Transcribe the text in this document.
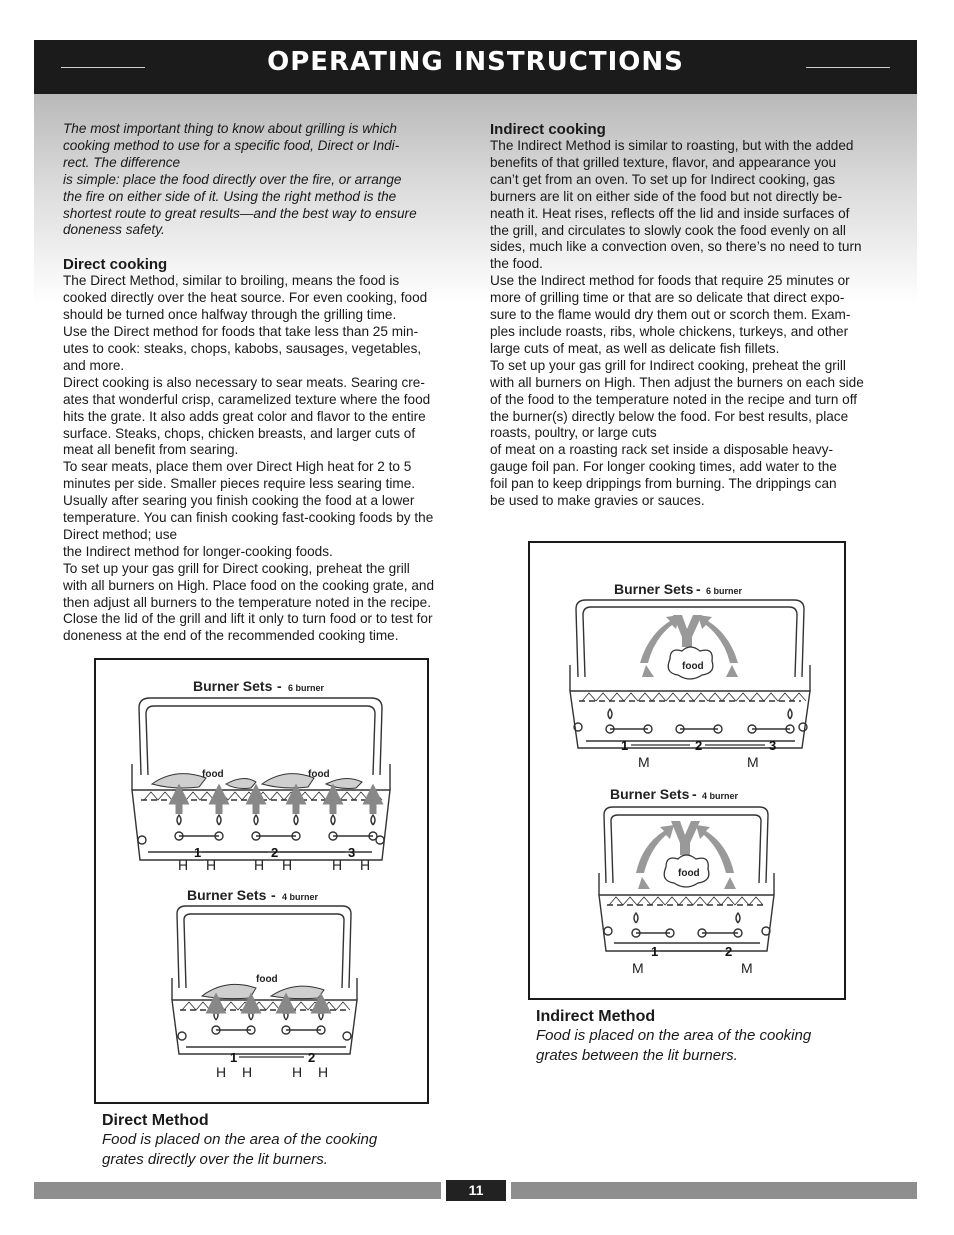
OPERATING INSTRUCTIONS

The most important thing to know about grilling is which

cooking method to use for a specific food, Direct or Indi-

rect. The difference

is simple: place the food directly over the fire, or arrange

the fire on either side of it. Using the right method is the

shortest route to great results—and the best way to ensure

doneness safety.

Direct cooking

The Direct Method, similar to broiling, means the food is

cooked directly over the heat source. For even cooking, food

should be turned once halfway through the grilling time.

Use the Direct method for foods that take less than 25 min-

utes to cook: steaks, chops, kabobs, sausages, vegetables,

and more.

Direct cooking is also necessary to sear meats. Searing cre-

ates that wonderful crisp, caramelized texture where the food

hits the grate. It also adds great color and flavor to the entire

surface. Steaks, chops, chicken breasts, and larger cuts of

meat all benefit from searing.

To sear meats, place them over Direct High heat for 2 to 5

minutes per side. Smaller pieces require less searing time.

Usually after searing you finish cooking the food at a lower

temperature. You can finish cooking fast-cooking foods by the

Direct method; use

the Indirect method for longer-cooking foods.

To set up your gas grill for Direct cooking, preheat the grill

with all burners on High. Place food on the cooking grate, and

then adjust all burners to the temperature noted in the recipe.

Close the lid of the grill and lift it only to turn food or to test for

doneness at the end of the recommended cooking time.

Indirect cooking

The Indirect Method is similar to roasting, but with the added

benefits of that grilled texture, flavor, and appearance you

can’t get from an oven. To set up for Indirect cooking, gas

burners are lit on either side of the food but not directly be-

neath it. Heat rises, reflects off the lid and inside surfaces of

the grill, and circulates to slowly cook the food evenly on all

sides, much like a convection oven, so there’s no need to turn

the food.

Use the Indirect method for foods that require 25 minutes or

more of grilling time or that are so delicate that direct expo-

sure to the flame would dry them out or scorch them. Exam-

ples include roasts, ribs, whole chickens, turkeys, and other

large cuts of meat, as well as delicate fish fillets.

To set up your gas grill for Indirect cooking, preheat the grill

with all burners on High. Then adjust the burners on each side

of the food to the temperature noted in the recipe and turn off

the burner(s) directly below the food. For best results, place

roasts, poultry, or large cuts

of meat on a roasting rack set inside a disposable heavy-

gauge foil pan. For longer cooking times, add water to the

foil pan to keep drippings from burning. The drippings can

be used to make gravies or sauces.

Burner Sets - 6 burner
food	food
1	2	3
H H	H H	H H
Burner Sets - 4 burner
food
1	2
H H	H H
Direct Method
Food is placed on the area of the cooking
grates directly over the lit burners.
Burner Sets - 6 burner
food
1	2	3
M	M
Burner Sets - 4 burner
food
1	2
M	M
Indirect Method
Food is placed on the area of the cooking
grates between the lit burners.
11
